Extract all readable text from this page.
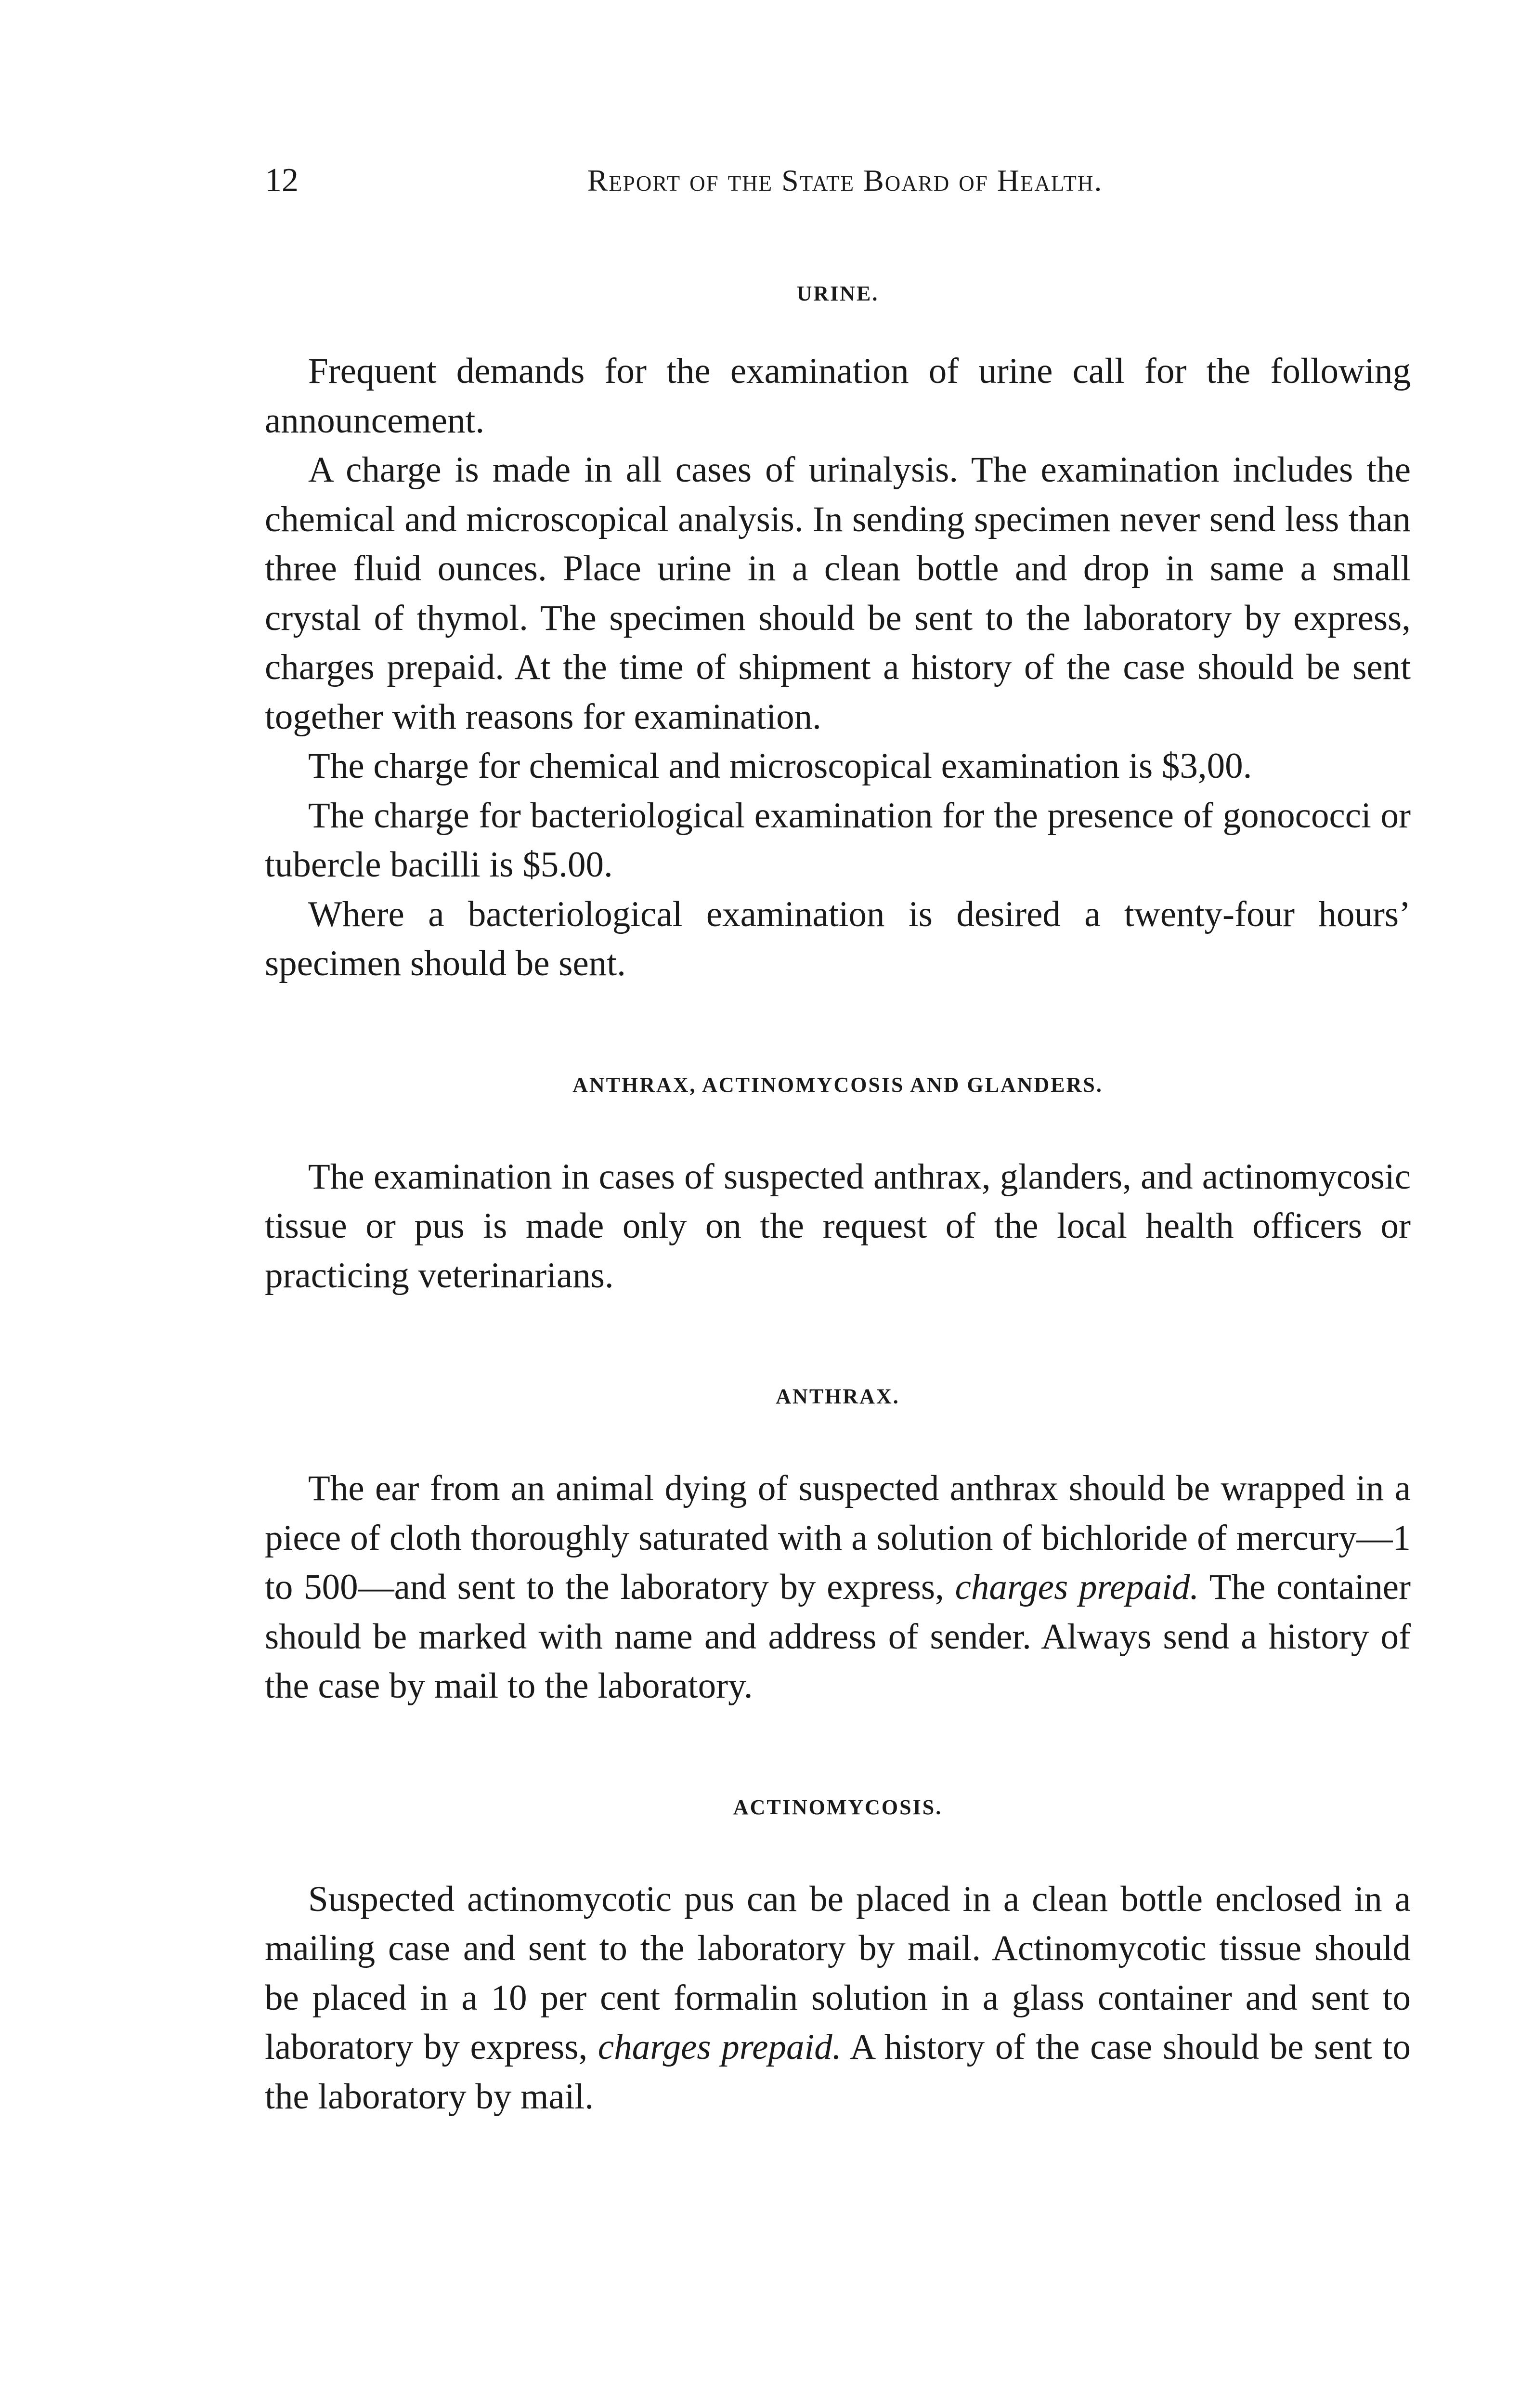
12	Report of the State Board of Health.
URINE.

Frequent demands for the examination of urine call for the following announcement.

A charge is made in all cases of urinalysis. The examination includes the chemical and microscopical analysis. In sending specimen never send less than three fluid ounces. Place urine in a clean bottle and drop in same a small crystal of thymol. The specimen should be sent to the laboratory by express, charges prepaid. At the time of shipment a history of the case should be sent together with reasons for examination.

The charge for chemical and microscopical examination is $3,00.

The charge for bacteriological examination for the presence of gonococci or tubercle bacilli is $5.00.

Where a bacteriological examination is desired a twenty-four hours’ specimen should be sent.

ANTHRAX, ACTINOMYCOSIS AND GLANDERS.

The examination in cases of suspected anthrax, glanders, and actinomycosic tissue or pus is made only on the request of the local health officers or practicing veterinarians.

ANTHRAX.

The ear from an animal dying of suspected anthrax should be wrapped in a piece of cloth thoroughly saturated with a solution of bichloride of mercury—1 to 500—and sent to the laboratory by express, charges prepaid. The container should be marked with name and address of sender. Always send a history of the case by mail to the laboratory.

ACTINOMYCOSIS.

Suspected actinomycotic pus can be placed in a clean bottle enclosed in a mailing case and sent to the laboratory by mail. Actinomycotic tissue should be placed in a 10 per cent formalin solution in a glass container and sent to laboratory by express, charges prepaid. A history of the case should be sent to the laboratory by mail.
